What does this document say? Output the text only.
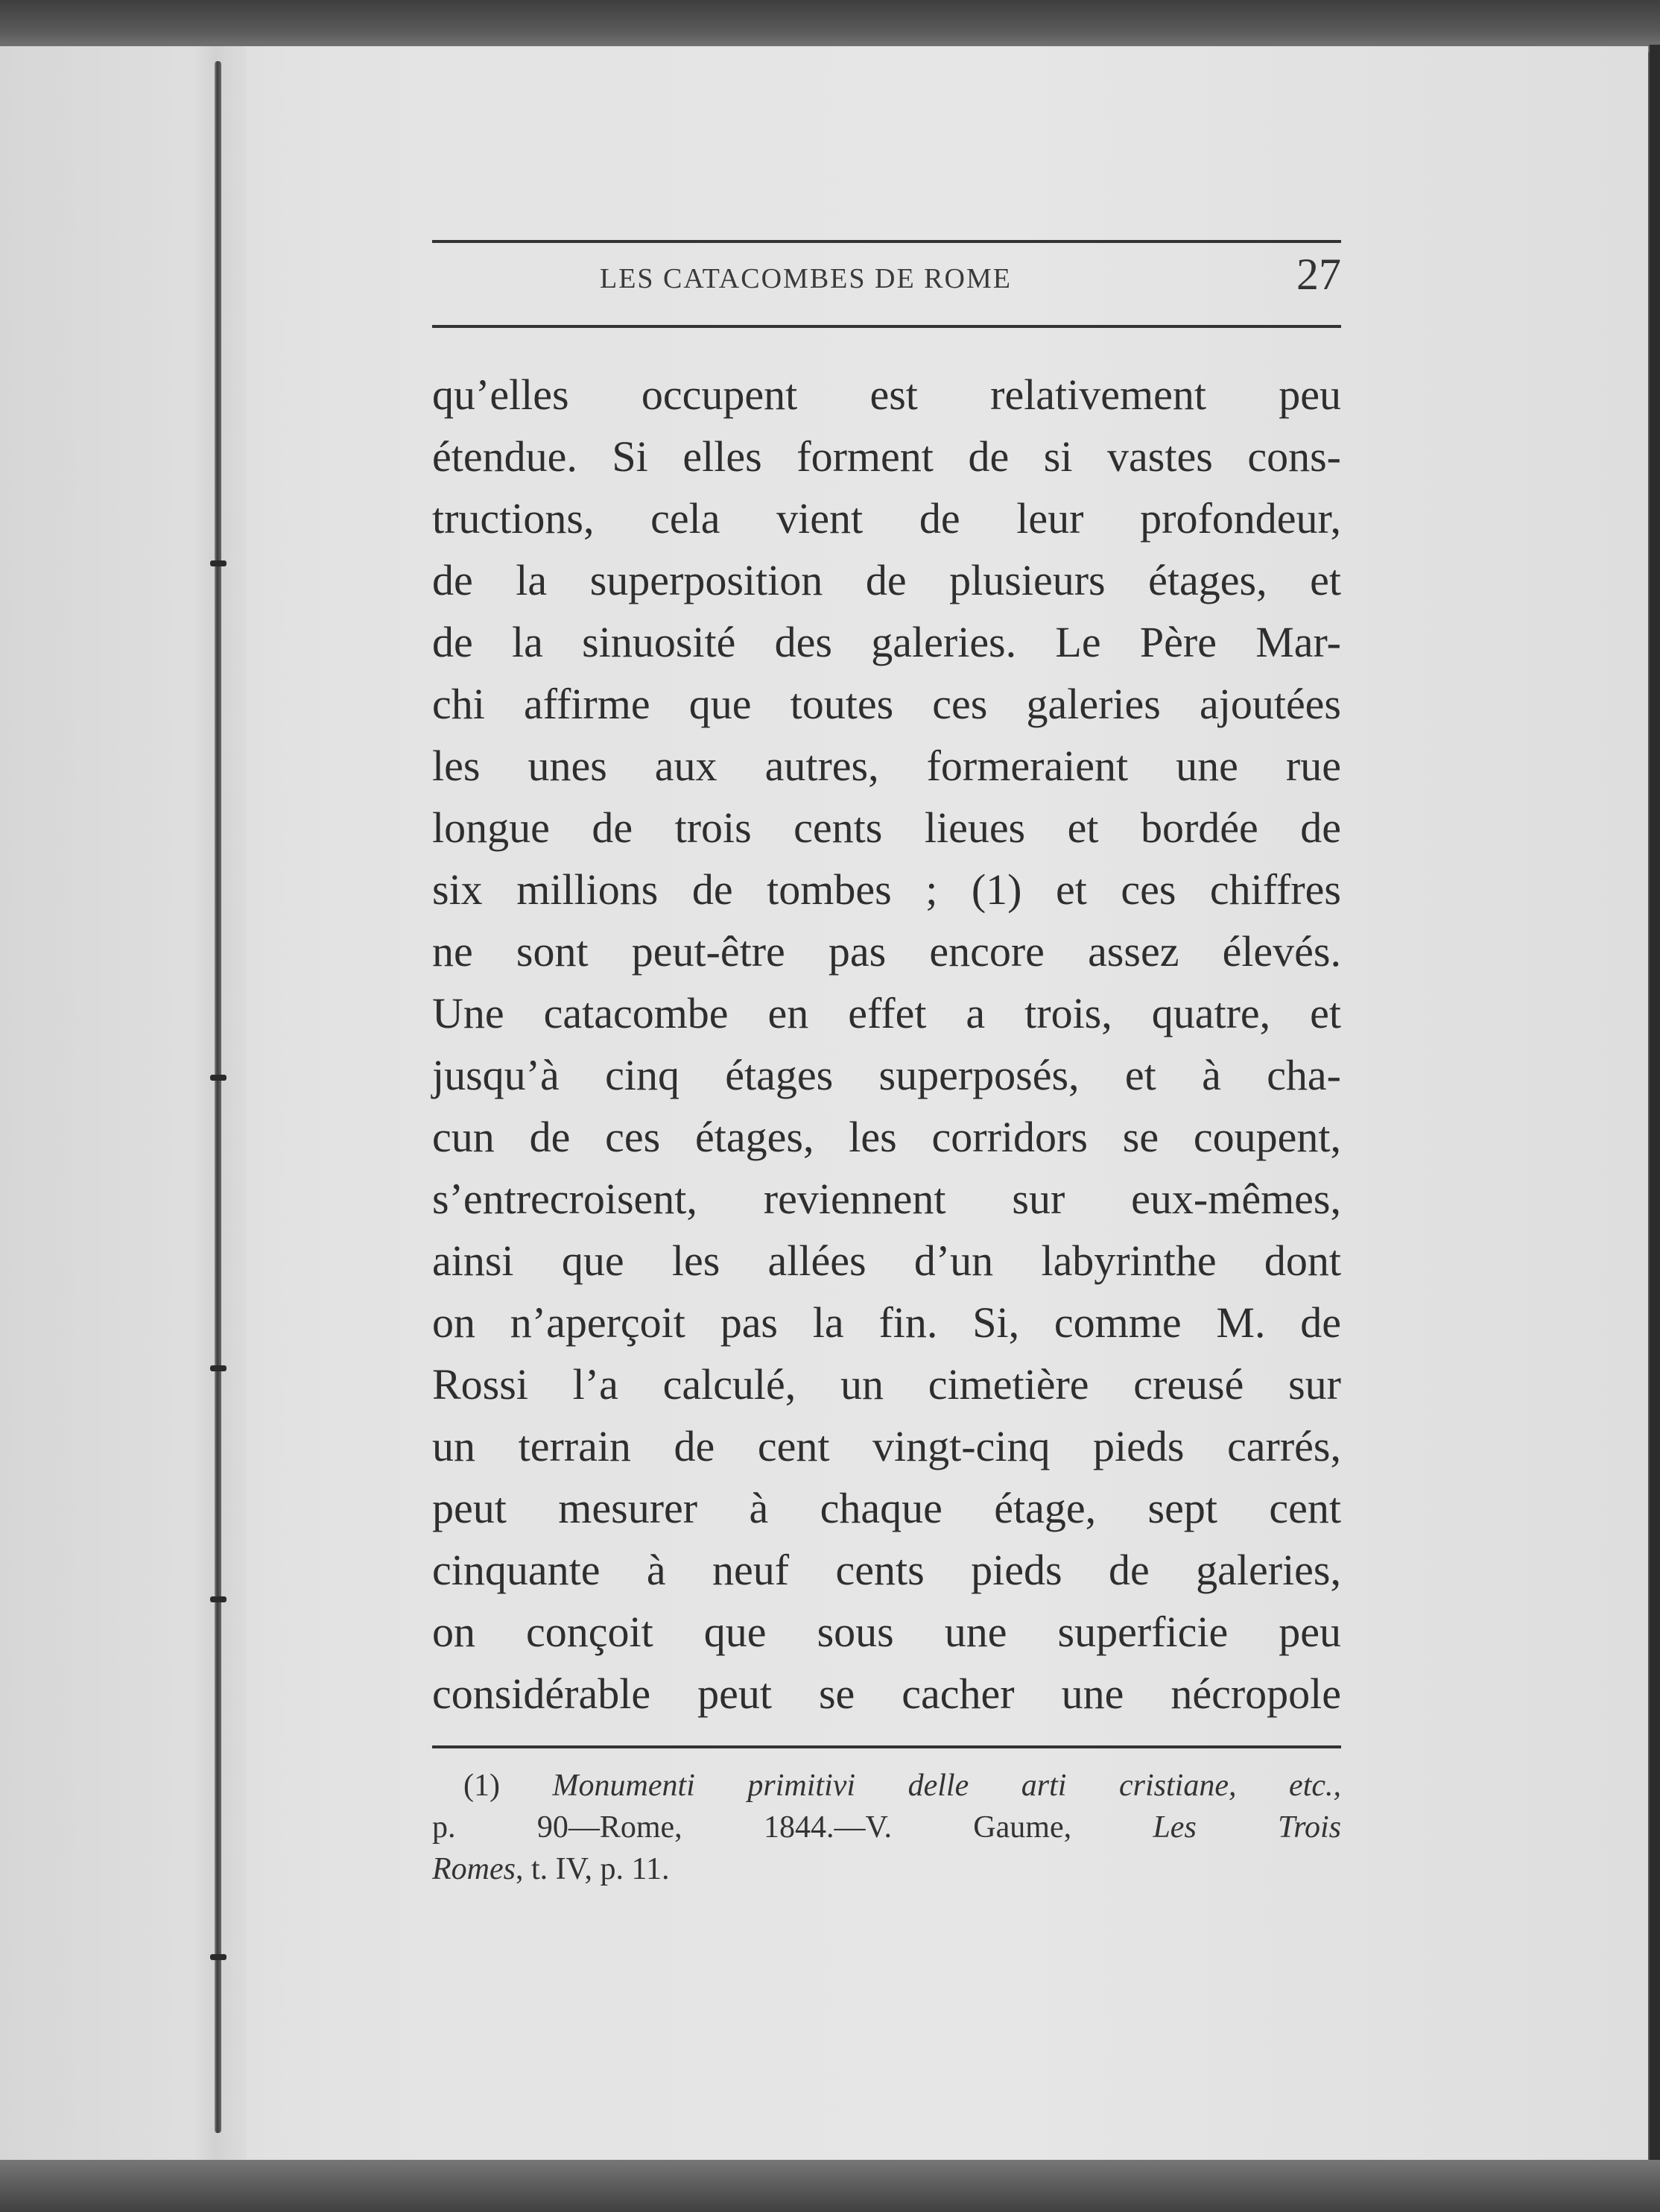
LES CATACOMBES DE ROME	27
qu’elles occupent est relativement peu
étendue. Si elles forment de si vastes cons-
tructions, cela vient de leur profondeur,
de la superposition de plusieurs étages, et
de la sinuosité des galeries. Le Père Mar-
chi affirme que toutes ces galeries ajoutées
les unes aux autres, formeraient une rue
longue de trois cents lieues et bordée de
six millions de tombes ; (1) et ces chiffres
ne sont peut-être pas encore assez élevés.
Une catacombe en effet a trois, quatre, et
jusqu’à cinq étages superposés, et à cha-
cun de ces étages, les corridors se coupent,
s’entrecroisent, reviennent sur eux-mêmes,
ainsi que les allées d’un labyrinthe dont
on n’aperçoit pas la fin. Si, comme M. de
Rossi l’a calculé, un cimetière creusé sur
un terrain de cent vingt-cinq pieds carrés,
peut mesurer à chaque étage, sept cent
cinquante à neuf cents pieds de galeries,
on conçoit que sous une superficie peu
considérable peut se cacher une nécropole
 (1) Monumenti primitivi delle arti cristiane, etc.,
p. 90—Rome, 1844.—V. Gaume,	Les Trois
Romes, t. IV, p. 11.
